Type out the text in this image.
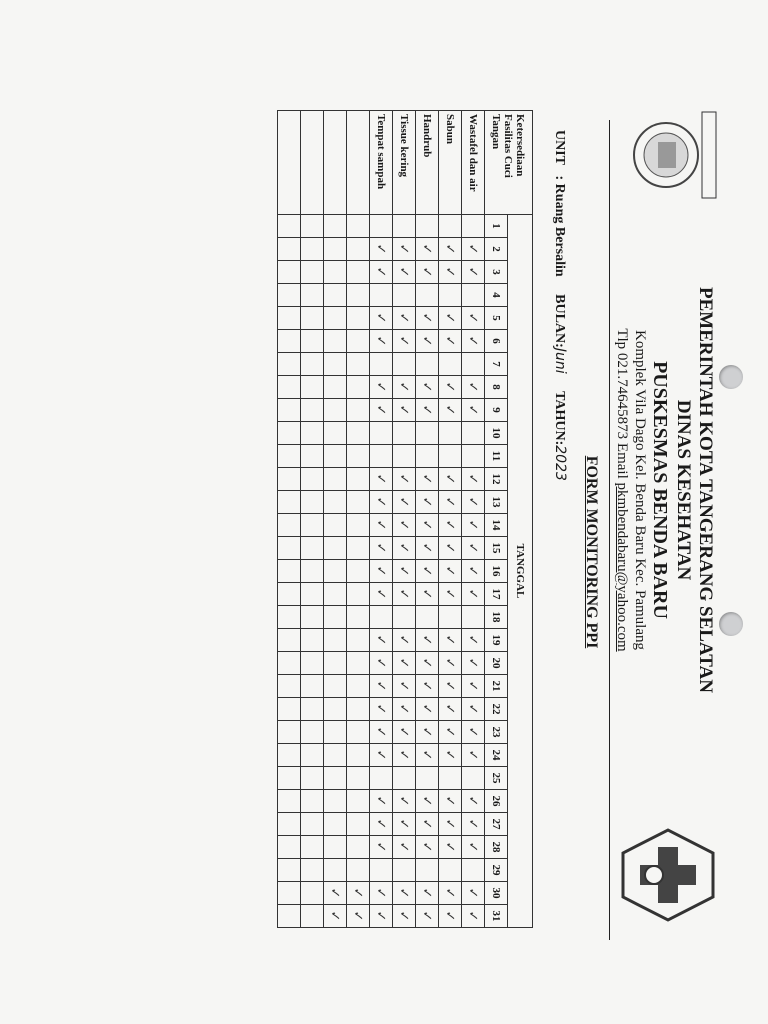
PEMERINTAH KOTA TANGERANG SELATAN
DINAS KESEHATAN
PUSKESMAS BENDA BARU
Komplek Vila Dago Kel. Benda Baru Kec. Pamulang
Tlp 021.74645873 Email pkmbendabaru@yahoo.com
FORM MONITORING PPI
UNIT   : Ruang Bersalin     BULAN:Juni     TAHUN:2023
Ketersediaan Fasilitas Cuci Tangan	TANGGAL																														
	1	2	3	4	5	6	7	8	9	10	11	12	13	14	15	16	17	18	19	20	21	22	23	24	25	26	27	28	29	30	31
Wastafel dan air		✓	✓		✓	✓		✓	✓			✓	✓	✓	✓	✓	✓		✓	✓	✓	✓	✓	✓		✓	✓	✓		✓	✓
Sabun		✓	✓		✓	✓		✓	✓			✓	✓	✓	✓	✓	✓		✓	✓	✓	✓	✓	✓		✓	✓	✓		✓	✓
Handrub		✓	✓		✓	✓		✓	✓			✓	✓	✓	✓	✓	✓		✓	✓	✓	✓	✓	✓		✓	✓	✓		✓	✓
Tissue kering		✓	✓		✓	✓		✓	✓			✓	✓	✓	✓	✓	✓		✓	✓	✓	✓	✓	✓		✓	✓	✓		✓	✓
Tempat sampah		✓	✓		✓	✓		✓	✓			✓	✓	✓	✓	✓	✓		✓	✓	✓	✓	✓	✓		✓	✓	✓		✓	✓
																														✓	✓
																														✓	✓
